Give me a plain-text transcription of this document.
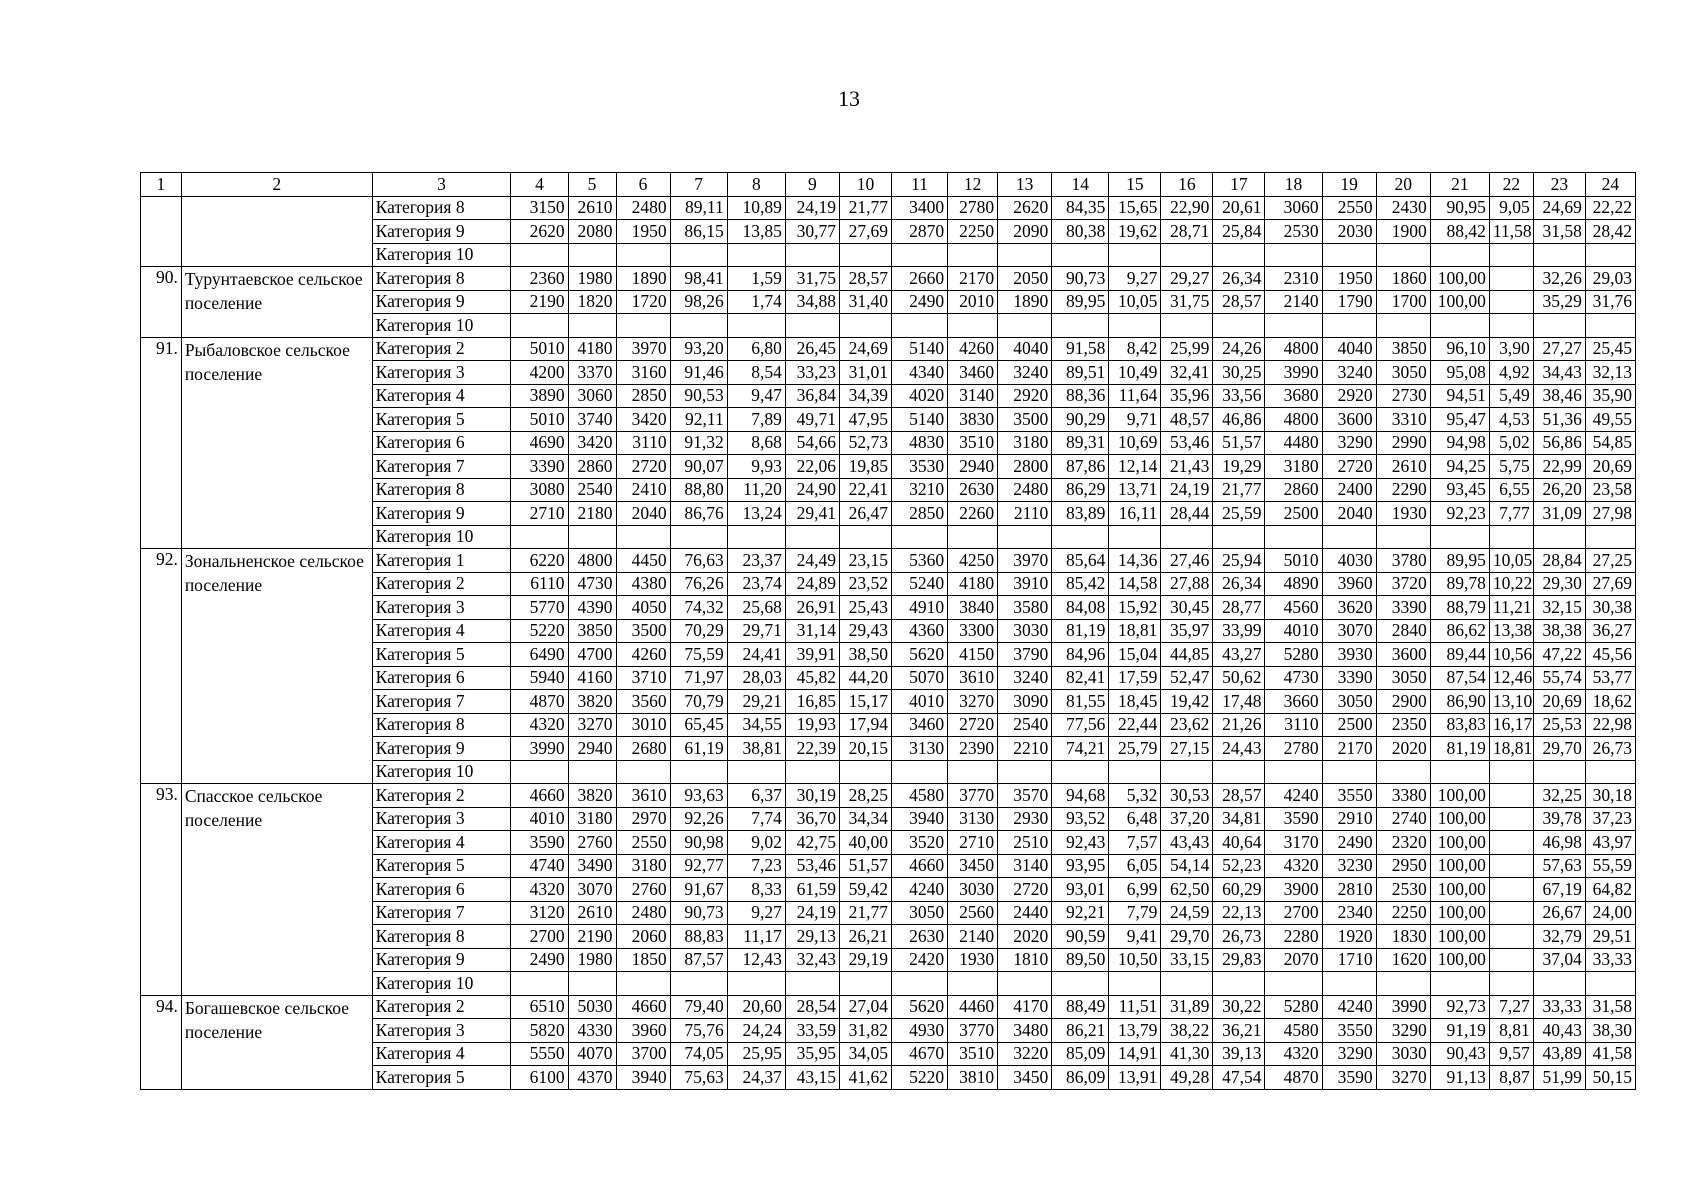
13
1	2	3	4	5	6	7	8	9	10	11	12	13	14	15	16	17	18	19	20	21	22	23	24
		Категория 8	3150	2610	2480	89,11	10,89	24,19	21,77	3400	2780	2620	84,35	15,65	22,90	20,61	3060	2550	2430	90,95	9,05	24,69	22,22
		Категория 9	2620	2080	1950	86,15	13,85	30,77	27,69	2870	2250	2090	80,38	19,62	28,71	25,84	2530	2030	1900	88,42	11,58	31,58	28,42
		Категория 10																					
90.	Турунтаевское сельское поселение	Категория 8	2360	1980	1890	98,41	1,59	31,75	28,57	2660	2170	2050	90,73	9,27	29,27	26,34	2310	1950	1860	100,00		32,26	29,03
		Категория 9	2190	1820	1720	98,26	1,74	34,88	31,40	2490	2010	1890	89,95	10,05	31,75	28,57	2140	1790	1700	100,00		35,29	31,76
		Категория 10																					
91.	Рыбаловское сельское поселение	Категория 2	5010	4180	3970	93,20	6,80	26,45	24,69	5140	4260	4040	91,58	8,42	25,99	24,26	4800	4040	3850	96,10	3,90	27,27	25,45
		Категория 3	4200	3370	3160	91,46	8,54	33,23	31,01	4340	3460	3240	89,51	10,49	32,41	30,25	3990	3240	3050	95,08	4,92	34,43	32,13
		Категория 4	3890	3060	2850	90,53	9,47	36,84	34,39	4020	3140	2920	88,36	11,64	35,96	33,56	3680	2920	2730	94,51	5,49	38,46	35,90
		Категория 5	5010	3740	3420	92,11	7,89	49,71	47,95	5140	3830	3500	90,29	9,71	48,57	46,86	4800	3600	3310	95,47	4,53	51,36	49,55
		Категория 6	4690	3420	3110	91,32	8,68	54,66	52,73	4830	3510	3180	89,31	10,69	53,46	51,57	4480	3290	2990	94,98	5,02	56,86	54,85
		Категория 7	3390	2860	2720	90,07	9,93	22,06	19,85	3530	2940	2800	87,86	12,14	21,43	19,29	3180	2720	2610	94,25	5,75	22,99	20,69
		Категория 8	3080	2540	2410	88,80	11,20	24,90	22,41	3210	2630	2480	86,29	13,71	24,19	21,77	2860	2400	2290	93,45	6,55	26,20	23,58
		Категория 9	2710	2180	2040	86,76	13,24	29,41	26,47	2850	2260	2110	83,89	16,11	28,44	25,59	2500	2040	1930	92,23	7,77	31,09	27,98
		Категория 10																					
92.	Зональненское сельское поселение	Категория 1	6220	4800	4450	76,63	23,37	24,49	23,15	5360	4250	3970	85,64	14,36	27,46	25,94	5010	4030	3780	89,95	10,05	28,84	27,25
		Категория 2	6110	4730	4380	76,26	23,74	24,89	23,52	5240	4180	3910	85,42	14,58	27,88	26,34	4890	3960	3720	89,78	10,22	29,30	27,69
		Категория 3	5770	4390	4050	74,32	25,68	26,91	25,43	4910	3840	3580	84,08	15,92	30,45	28,77	4560	3620	3390	88,79	11,21	32,15	30,38
		Категория 4	5220	3850	3500	70,29	29,71	31,14	29,43	4360	3300	3030	81,19	18,81	35,97	33,99	4010	3070	2840	86,62	13,38	38,38	36,27
		Категория 5	6490	4700	4260	75,59	24,41	39,91	38,50	5620	4150	3790	84,96	15,04	44,85	43,27	5280	3930	3600	89,44	10,56	47,22	45,56
		Категория 6	5940	4160	3710	71,97	28,03	45,82	44,20	5070	3610	3240	82,41	17,59	52,47	50,62	4730	3390	3050	87,54	12,46	55,74	53,77
		Категория 7	4870	3820	3560	70,79	29,21	16,85	15,17	4010	3270	3090	81,55	18,45	19,42	17,48	3660	3050	2900	86,90	13,10	20,69	18,62
		Категория 8	4320	3270	3010	65,45	34,55	19,93	17,94	3460	2720	2540	77,56	22,44	23,62	21,26	3110	2500	2350	83,83	16,17	25,53	22,98
		Категория 9	3990	2940	2680	61,19	38,81	22,39	20,15	3130	2390	2210	74,21	25,79	27,15	24,43	2780	2170	2020	81,19	18,81	29,70	26,73
		Категория 10																					
93.	Спасское сельское поселение	Категория 2	4660	3820	3610	93,63	6,37	30,19	28,25	4580	3770	3570	94,68	5,32	30,53	28,57	4240	3550	3380	100,00		32,25	30,18
		Категория 3	4010	3180	2970	92,26	7,74	36,70	34,34	3940	3130	2930	93,52	6,48	37,20	34,81	3590	2910	2740	100,00		39,78	37,23
		Категория 4	3590	2760	2550	90,98	9,02	42,75	40,00	3520	2710	2510	92,43	7,57	43,43	40,64	3170	2490	2320	100,00		46,98	43,97
		Категория 5	4740	3490	3180	92,77	7,23	53,46	51,57	4660	3450	3140	93,95	6,05	54,14	52,23	4320	3230	2950	100,00		57,63	55,59
		Категория 6	4320	3070	2760	91,67	8,33	61,59	59,42	4240	3030	2720	93,01	6,99	62,50	60,29	3900	2810	2530	100,00		67,19	64,82
		Категория 7	3120	2610	2480	90,73	9,27	24,19	21,77	3050	2560	2440	92,21	7,79	24,59	22,13	2700	2340	2250	100,00		26,67	24,00
		Категория 8	2700	2190	2060	88,83	11,17	29,13	26,21	2630	2140	2020	90,59	9,41	29,70	26,73	2280	1920	1830	100,00		32,79	29,51
		Категория 9	2490	1980	1850	87,57	12,43	32,43	29,19	2420	1930	1810	89,50	10,50	33,15	29,83	2070	1710	1620	100,00		37,04	33,33
		Категория 10																					
94.	Богашевское сельское поселение	Категория 2	6510	5030	4660	79,40	20,60	28,54	27,04	5620	4460	4170	88,49	11,51	31,89	30,22	5280	4240	3990	92,73	7,27	33,33	31,58
		Категория 3	5820	4330	3960	75,76	24,24	33,59	31,82	4930	3770	3480	86,21	13,79	38,22	36,21	4580	3550	3290	91,19	8,81	40,43	38,30
		Категория 4	5550	4070	3700	74,05	25,95	35,95	34,05	4670	3510	3220	85,09	14,91	41,30	39,13	4320	3290	3030	90,43	9,57	43,89	41,58
		Категория 5	6100	4370	3940	75,63	24,37	43,15	41,62	5220	3810	3450	86,09	13,91	49,28	47,54	4870	3590	3270	91,13	8,87	51,99	50,15
